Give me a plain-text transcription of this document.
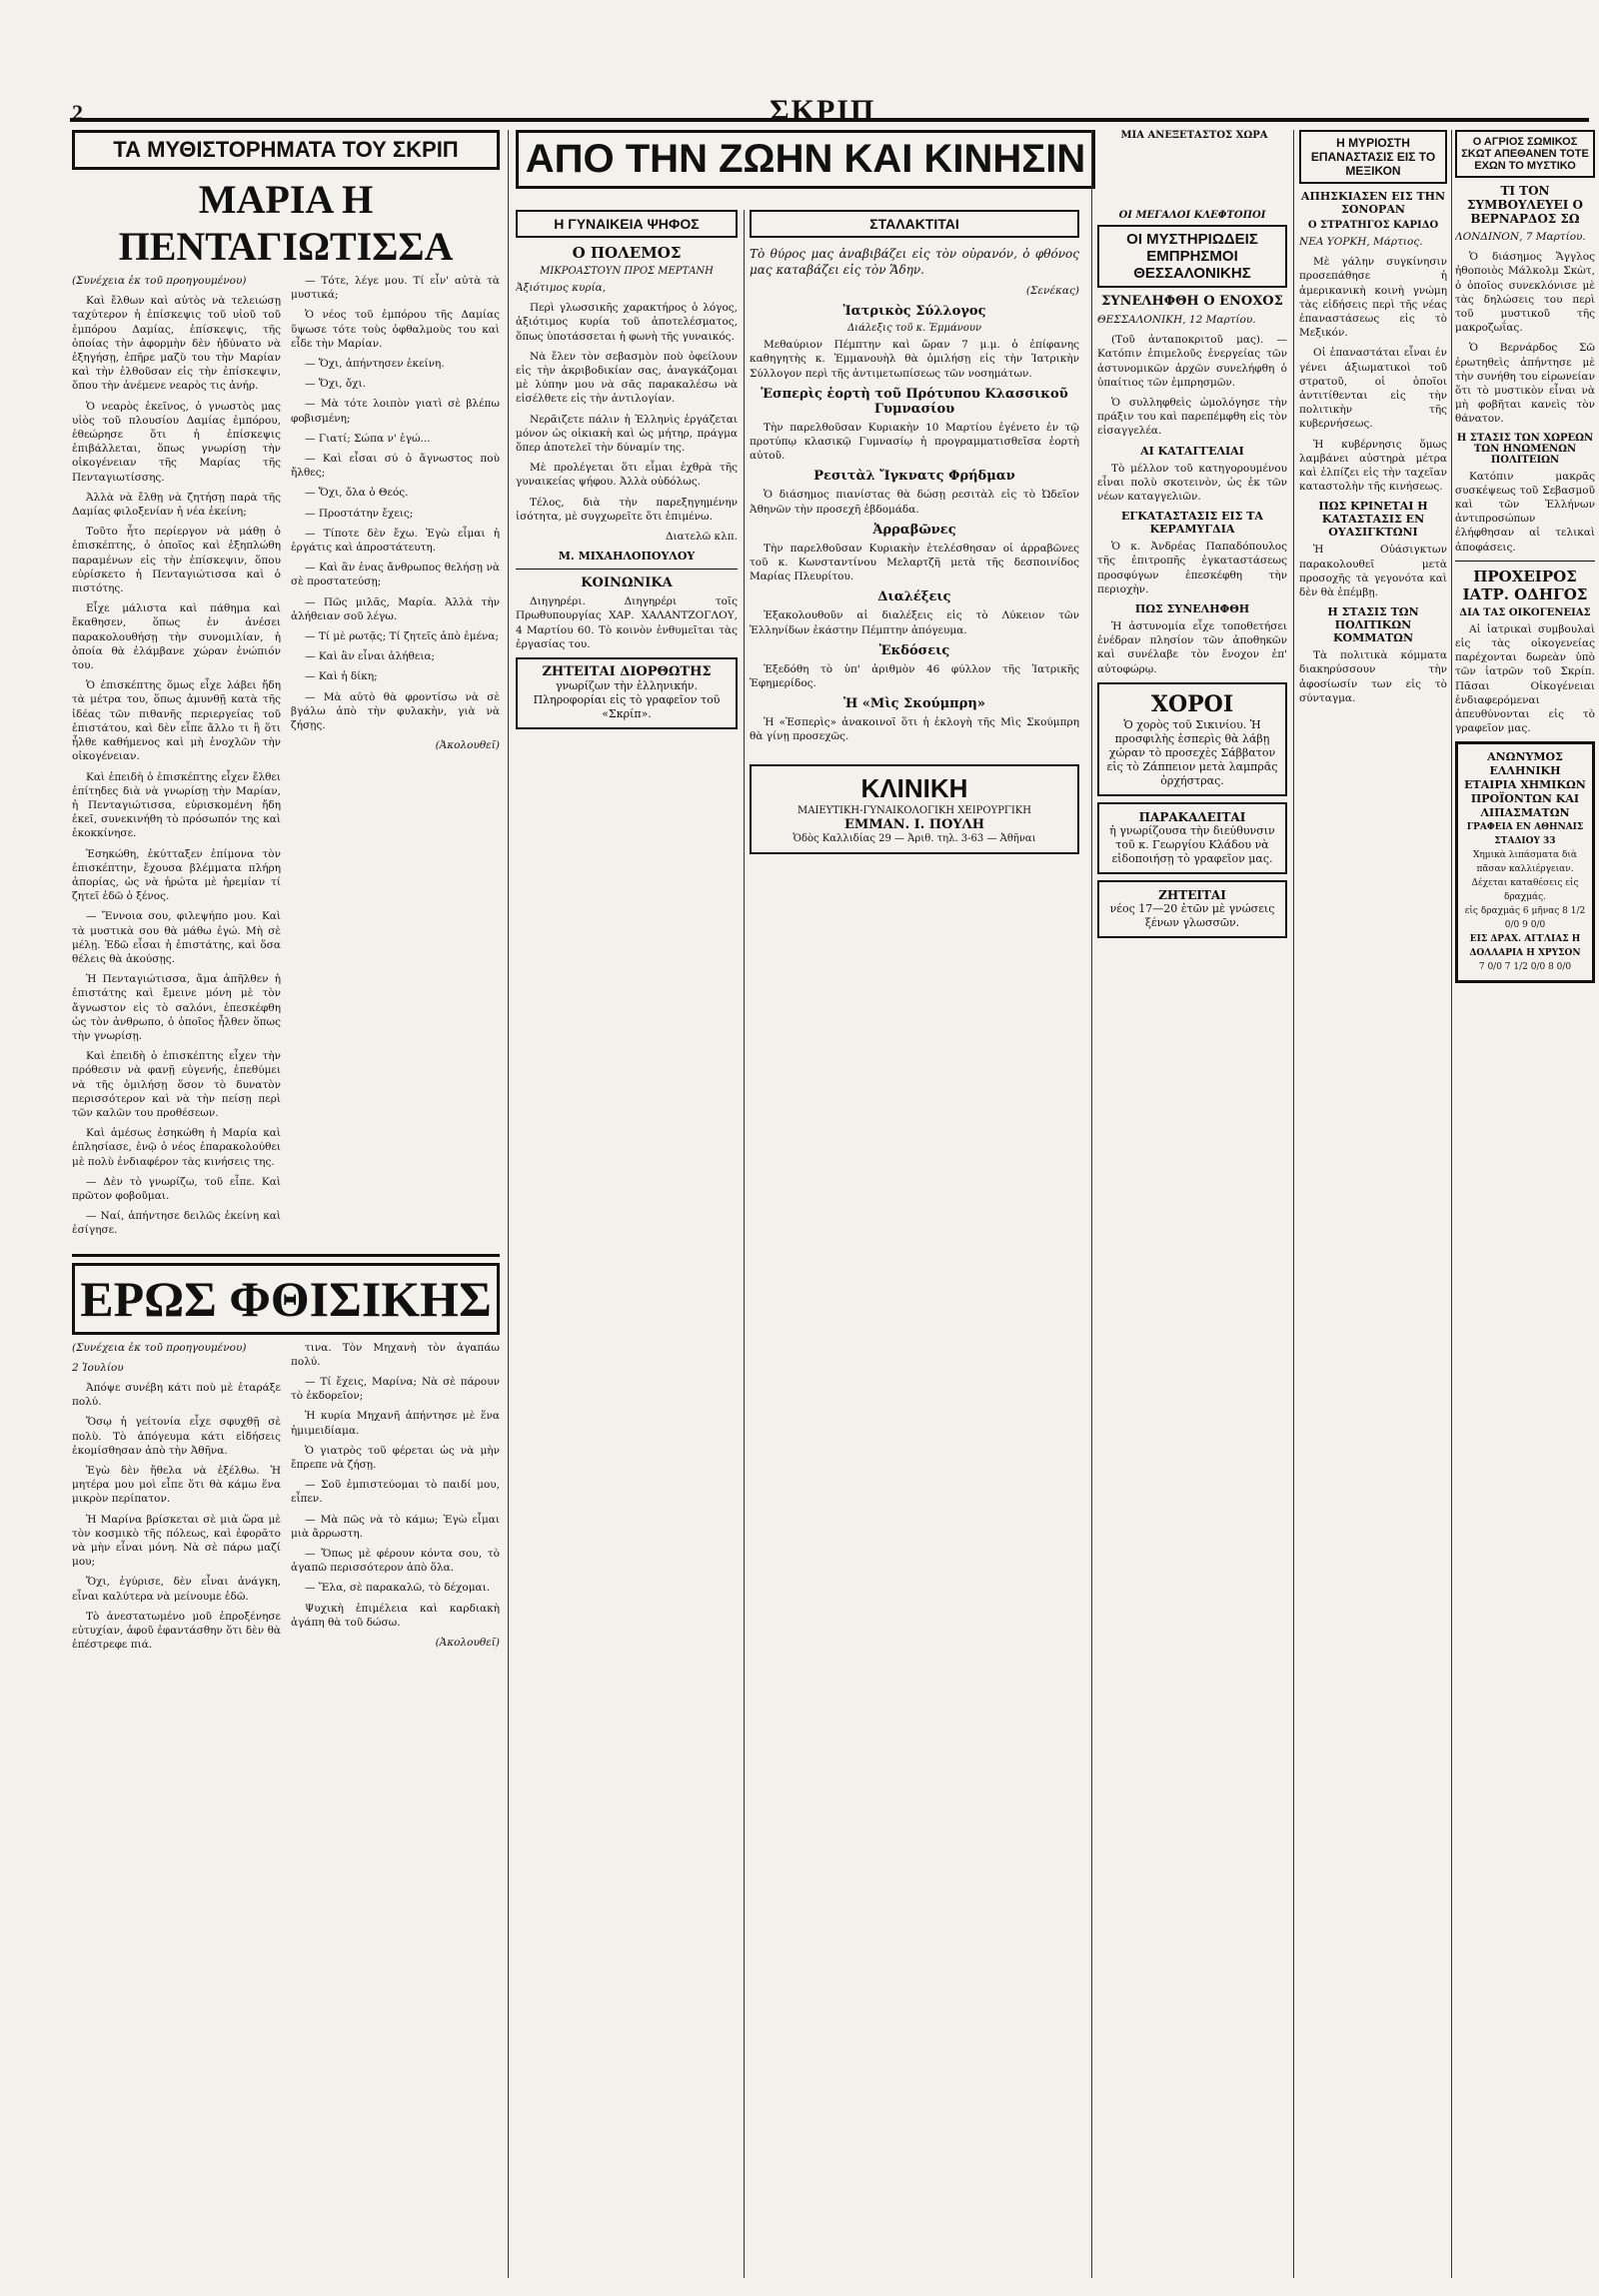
2	ΣΚΡΙΠ
ΤΑ ΜΥΘΙΣΤΟΡΗΜΑΤΑ ΤΟΥ ΣΚΡΙΠ
ΜΑΡΙΑ Η ΠΕΝΤΑΓΙΩΤΙΣΣΑ

(Συνέχεια ἐκ τοῦ προηγουμένου)

Καὶ ἔλθων καὶ αὐτὸς νὰ τελειώσῃ ταχύτερον ἡ ἐπίσκεψις τοῦ υἱοῦ τοῦ ἐμπόρου Δαμίας, ἐπίσκεψις, τῆς ὁποίας τὴν ἀφορμὴν δὲν ἠδύνατο νὰ ἐξηγήσῃ, ἐπῆρε μαζὺ του τὴν Μαρίαν καὶ τὴν ἐλθοῦσαν εἰς τὴν ἐπίσκεψιν, ὅπου τὴν ἀνέμενε νεαρὸς τις ἀνήρ.

Ὁ νεαρὸς ἐκεῖνος, ὁ γνωστὸς μας υἱὸς τοῦ πλουσίου Δαμίας ἐμπόρου, ἐθεώρησε ὅτι ἡ ἐπίσκεψις ἐπιβάλλεται, ὅπως γνωρίσῃ τὴν οἰκογένειαν τῆς Μαρίας τῆς Πενταγιωτίσσης.

Ἀλλὰ νὰ ἔλθῃ νὰ ζητήσῃ παρὰ τῆς Δαμίας φιλοξενίαν ἡ νέα ἐκείνη;

Τοῦτο ἦτο περίεργον νὰ μάθῃ ὁ ἐπισκέπτης, ὁ ὁποῖος καὶ ἐξηπλώθη παραμένων εἰς τὴν ἐπίσκεψιν, ὅπου εὑρίσκετο ἡ Πενταγιώτισσα καὶ ὁ πιστότης.

Εἶχε μάλιστα καὶ πάθημα καὶ ἔκαθησεν, ὅπως ἐν ἀνέσει παρακολουθήσῃ τὴν συνομιλίαν, ἡ ὁποία θὰ ἐλάμβανε χώραν ἐνώπιόν του.

Ὁ ἐπισκέπτης ὅμως εἶχε λάβει ἤδη τὰ μέτρα του, ὅπως ἀμυνθῇ κατὰ τῆς ἰδέας τῶν πιθανῆς περιεργείας τοῦ ἐπιστάτου, καὶ δὲν εἶπε ἄλλο τι ἢ ὅτι ἦλθε καθήμενος καὶ μὴ ἐνοχλῶν τὴν οἰκογένειαν.

Καὶ ἐπειδὴ ὁ ἐπισκέπτης εἶχεν ἔλθει ἐπίτηδες διὰ νὰ γνωρίσῃ τὴν Μαρίαν, ἡ Πενταγιώτισσα, εὑρισκομένη ἤδη ἐκεῖ, συνεκινήθη τὸ πρόσωπόν της καὶ ἐκοκκίνησε.

Ἐσηκώθη, ἐκύτταξεν ἐπίμονα τὸν ἐπισκέπτην, ἔχουσα βλέμματα πλήρη ἀπορίας, ὡς νὰ ἠρώτα μὲ ἡρεμίαν τί ζητεῖ ἐδῶ ὁ ξένος.

— Ἔννοια σου, φιλεψήπο μου. Καὶ τὰ μυστικὰ σου θὰ μάθω ἐγώ. Μὴ σὲ μέλῃ. Ἐδῶ εἶσαι ἡ ἐπιστάτης, καὶ ὅσα θέλεις θὰ ἀκούσῃς.

Ἡ Πενταγιώτισσα, ἄμα ἀπῆλθεν ἡ ἐπιστάτης καὶ ἔμεινε μόνη μὲ τὸν ἄγνωστον εἰς τὸ σαλόνι, ἐπεσκέφθη ὡς τὸν ἀνθρωπο, ὁ ὁποῖος ἦλθεν ὅπως τὴν γνωρίσῃ.

Καὶ ἐπειδὴ ὁ ἐπισκέπτης εἶχεν τὴν πρόθεσιν νὰ φανῇ εὐγενής, ἐπεθύμει νὰ τῆς ὁμιλήσῃ ὅσον τὸ δυνατὸν περισσότερον καὶ νὰ τὴν πείσῃ περὶ τῶν καλῶν του προθέσεων.

Καὶ ἀμέσως ἐσηκώθη ἡ Μαρία καὶ ἐπλησίασε, ἐνῷ ὁ νέος ἐπαρακολούθει μὲ πολὺ ἐνδιαφέρον τὰς κινήσεις της.

— Δὲν τὸ γνωρίζω, τοῦ εἶπε. Καὶ πρῶτον φοβοῦμαι.

— Ναί, ἀπήντησε δειλῶς ἐκείνη καὶ ἐσίγησε.

— Τότε, λέγε μου. Τί εἶν' αὐτὰ τὰ μυστικά;

Ὁ νέος τοῦ ἐμπόρου τῆς Δαμίας ὕψωσε τότε τοὺς ὀφθαλμοὺς του καὶ εἶδε τὴν Μαρίαν.

— Ὄχι, ἀπήντησεν ἐκείνη.

— Ὄχι, ὄχι.

— Μὰ τότε λοιπὸν γιατὶ σὲ βλέπω φοβισμένη;

— Γιατί; Σώπα ν' ἐγώ...

— Καὶ εἶσαι σύ ὁ ἄγνωστος ποὺ ἤλθες;

— Ὄχι, ὄλα ὁ Θεός.

— Προστάτην ἔχεις;

— Τίποτε δὲν ἔχω. Ἐγὼ εἶμαι ἡ ἐργάτις καὶ ἀπροστάτευτη.

— Καὶ ἂν ἐνας ἄνθρωπος θελήσῃ νὰ σὲ προστατεύσῃ;

— Πῶς μιλᾶς, Μαρία. Ἀλλὰ τὴν ἀλήθειαν σοῦ λέγω.

— Τί μὲ ρωτᾷς; Τί ζητεῖς ἀπὸ ἐμένα;

— Καὶ ἂν εἶναι ἀλήθεια;

— Καὶ ἡ δίκη;

— Μὰ αὐτὸ θὰ φροντίσω νὰ σὲ βγάλω ἀπὸ τὴν φυλακὴν, γιὰ νὰ ζήσῃς.

(Ἀκολουθεῖ)

ΕΡΩΣ ΦΘΙΣΙΚΗΣ

(Συνέχεια ἐκ τοῦ προηγουμένου)

2 Ἰουλίου

Ἀπόψε συνέβη κάτι ποὺ μὲ ἐταράξε πολύ.

Ὅσῳ ἡ γείτονία εἶχε σφυχθῇ σὲ πολὺ. Τὸ ἀπόγευμα κάτι εἰδήσεις ἐκομίσθησαν ἀπὸ τὴν Ἀθῆνα.

Ἐγὼ δὲν ἤθελα νὰ ἐξέλθω. Ἡ μητέρα μου μοὶ εἶπε ὅτι θὰ κάμω ἕνα μικρὸν περίπατον.

Ἡ Μαρίνα βρίσκεται σὲ μιὰ ὥρα μὲ τὸν κοσμικὸ τῆς πόλεως, καὶ ἐφορᾶτο νὰ μὴν εἶναι μόνη. Νὰ σὲ πάρω μαζί μου;

Ὅχι, ἐγύρισε, δὲν εἶναι ἀνάγκη, εἶναι καλύτερα νὰ μείνουμε ἐδῶ.

Τὸ ἀνεστατωμένο μοῦ ἐπροξένησε εὐτυχίαν, ἀφοῦ ἐφαντάσθην ὅτι δὲν θὰ ἐπέστρεφε πιά.

τινα. Τὸν Μηχανὴ τὸν ἀγαπάω πολύ.

— Τί ἔχεις, Μαρίνα; Νὰ σὲ πάρουν τὸ ἐκδορεῖον;

Ἡ κυρία Μηχανῆ ἀπήντησε μὲ ἕνα ἡμιμειδίαμα.

Ὁ γιατρὸς τοῦ φέρεται ὡς νὰ μὴν ἔπρεπε νὰ ζήσῃ.

— Σοῦ ἐμπιστεύομαι τὸ παιδί μου, εἶπεν.

— Μὰ πῶς νὰ τὸ κάμω; Ἐγὼ εἶμαι μιὰ ἄρρωστη.

— Ὅπως μὲ φέρουν κόντα σου, τὸ ἀγαπῶ περισσότερον ἀπὸ ὅλα.

— Ἔλα, σὲ παρακαλῶ, τὸ δέχομαι.

Ψυχικὴ ἐπιμέλεια καὶ καρδιακὴ ἀγάπη θὰ τοῦ δώσω.

(Ἀκολουθεῖ)

ΑΠΟ ΤΗΝ ΖΩΗΝ ΚΑΙ ΚΙΝΗΣΙΝ
Η ΓΥΝΑΙΚΕΙΑ ΨΗΦΟΣ
Ο ΠΟΛΕΜΟΣ
ΜΙΚΡΟΑΣΤΟΥΝ ΠΡΟΣ ΜΕΡΤΑΝΗ

Ἀξιότιμος κυρία,

Περὶ γλωσσικῆς χαρακτήρος ὁ λόγος, ἀξιότιμος κυρία τοῦ ἀποτελέσματος, ὅπως ὑποτάσσεται ἡ φωνὴ τῆς γυναικός.

Νὰ ἔλεν τὸν σεβασμὸν ποὺ ὀφείλουν εἰς τὴν ἀκριβοδικίαν σας, ἀναγκάζομαι μὲ λύπην μου νὰ σᾶς παρακαλέσω νὰ εἰσέλθετε εἰς τὴν ἀντιλογίαν.

Νερᾶιζετε πάλιν ἡ Ἑλληνὶς ἐργάζεται μόνον ὡς οἰκιακὴ καὶ ὡς μήτηρ, πράγμα ὅπερ ἀποτελεῖ τὴν δύναμίν της.

Μὲ προλέγεται ὅτι εἶμαι ἐχθρὰ τῆς γυναικείας ψήφου. Ἀλλὰ οὐδόλως.

Τέλος, διὰ τὴν παρεξηγημένην ἰσότητα, μὲ συγχωρεῖτε ὅτι ἐπιμένω.

Διατελῶ κλπ.

Μ. ΜΙΧΑΗΛΟΠΟΥΛΟΥ
ΚΟΙΝΩΝΙΚΑ

Διηγηρέρι. Διηγηρέρι τοῖς Πρωθυπουργίας ΧΑΡ. ΧΑΛΑΝΤΖΟΓΛΟΥ, 4 Μαρτίου 60. Τὸ κοινὸν ἐνθυμεῖται τὰς ἐργασίας του.

ΖΗΤΕΙΤΑΙ ΔΙΟΡΘΩΤΗΣ
γνωρίζων τὴν ἑλληνικήν. Πληροφορίαι εἰς τὸ γραφεῖον τοῦ «Σκρίπ».
ΣΤΑΛΑΚΤΙΤΑΙ

Τὸ θύρος μας ἀναβιβάζει εἰς τὸν οὐρανόν, ὁ φθόνος μας καταβάζει εἰς τὸν Ἅδην.

(Σενέκας)

Ἰατρικὸς Σύλλογος
Διάλεξις τοῦ κ. Ἐμμάνουν

Μεθαύριον Πέμπτην καὶ ὥραν 7 μ.μ. ὁ ἐπίφανης καθηγητὴς κ. Ἐμμανουὴλ θὰ ὁμιλήσῃ εἰς τὴν Ἰατρικὴν Σύλλογον περὶ τῆς ἀντιμετωπίσεως τῶν νοσημάτων.

Ἑσπερὶς ἑορτὴ τοῦ Πρότυπου Κλασσικοῦ Γυμνασίου

Τὴν παρελθοῦσαν Κυριακὴν 10 Μαρτίου ἐγένετο ἐν τῷ προτύπῳ κλασικῷ Γυμνασίῳ ἡ προγραμματισθεῖσα ἑορτὴ αὐτοῦ.

Ρεσιτὰλ Ἴγκνατς Φρήδμαν

Ὁ διάσημος πιανίστας θὰ δώσῃ ρεσιτὰλ εἰς τὸ Ὠδεῖον Ἀθηνῶν τὴν προσεχῆ ἑβδομάδα.

Ἀρραβῶνες

Τὴν παρελθοῦσαν Κυριακὴν ἐτελέσθησαν οἱ ἀρραβῶνες τοῦ κ. Κωνσταντίνου Μελαρτζῆ μετὰ τῆς δεσποινίδος Μαρίας Πλευρίτου.

Διαλέξεις

Ἐξακολουθοῦν αἱ διαλέξεις εἰς τὸ Λύκειον τῶν Ἑλληνίδων ἑκάστην Πέμπτην ἀπόγευμα.

Ἐκδόσεις

Ἐξεδόθη τὸ ὑπ' ἀριθμὸν 46 φύλλον τῆς Ἰατρικῆς Ἑφημερίδος.

Ἡ «Μὶς Σκούμπρη»

Ἡ «Ἑσπερὶς» ἀνακοινοῖ ὅτι ἡ ἐκλογὴ τῆς Μὶς Σκούμπρη θὰ γίνῃ προσεχῶς.

ΚΛΙΝΙΚΗ
ΜΑΙΕΥΤΙΚΗ-ΓΥΝΑΙΚΟΛΟΓΙΚΗ ΧΕΙΡΟΥΡΓΙΚΗ
ΕΜΜΑΝ. Ι. ΠΟΥΛΗ
Ὁδὸς Καλλιδίας 29 — Ἀριθ. τηλ. 3-63 — Ἀθῆναι
ΟΙ ΜΕΓΑΛΟΙ ΚΛΕΦΤΟΠΟΙ
ΟΙ ΜΥΣΤΗΡΙΩΔΕΙΣ ΕΜΠΡΗΣΜΟΙ ΘΕΣΣΑΛΟΝΙΚΗΣ
ΣΥΝΕΛΗΦΘΗ Ο ΕΝΟΧΟΣ

ΘΕΣΣΑΛΟΝΙΚΗ, 12 Μαρτίου.

(Τοῦ ἀνταποκριτοῦ μας). — Κατόπιν ἐπιμελοῦς ἐνεργείας τῶν ἀστυνομικῶν ἀρχῶν συνελήφθη ὁ ὑπαίτιος τῶν ἐμπρησμῶν.

Ὁ συλληφθεὶς ὡμολόγησε τὴν πράξιν του καὶ παρεπέμφθη εἰς τὸν εἰσαγγελέα.

ΑΙ ΚΑΤΑΓΓΕΛΙΑΙ

Τὸ μέλλον τοῦ κατηγορουμένου εἶναι πολὺ σκοτεινὸν, ὡς ἐκ τῶν νέων καταγγελιῶν.

ΕΓΚΑΤΑΣΤΑΣΙΣ ΕΙΣ ΤΑ ΚΕΡΑΜΥΓΔΙΑ

Ὁ κ. Ἀνδρέας Παπαδόπουλος τῆς ἐπιτροπῆς ἐγκαταστάσεως προσφύγων ἐπεσκέφθη τὴν περιοχὴν.

ΠΩΣ ΣΥΝΕΛΗΦΘΗ

Ἡ ἀστυνομία εἶχε τοποθετήσει ἐνέδραν πλησίον τῶν ἀποθηκῶν καὶ συνέλαβε τὸν ἔνοχον ἐπ' αὐτοφώρῳ.

ΧΟΡΟΙ
Ὁ χορὸς τοῦ Σικινίου. Ἡ προσφιλὴς ἑσπερὶς θὰ λάβῃ χώραν τὸ προσεχὲς Σάββατον εἰς τὸ Ζάππειον μετὰ λαμπρᾶς ὀρχήστρας.
ΠΑΡΑΚΑΛΕΙΤΑΙ
ἡ γνωρίζουσα τὴν διεύθυνσιν τοῦ κ. Γεωργίου Κλάδου νὰ εἰδοποιήσῃ τὸ γραφεῖον μας.
ΖΗΤΕΙΤΑΙ
νέος 17—20 ἐτῶν μὲ γνώσεις ξένων γλωσσῶν.
ΜΙΑ ΑΝΕΞΕΤΑΣΤΟΣ ΧΩΡΑ
Η ΜΥΡΙΟΣΤΗ ΕΠΑΝΑΣΤΑΣΙΣ ΕΙΣ ΤΟ ΜΕΞΙΚΟΝ
ΑΠΗΣΚΙΑΣΕΝ ΕΙΣ ΤΗΝ ΣΟΝΟΡΑΝ
Ο ΣΤΡΑΤΗΓΟΣ ΚΑΡΙΔΟ

ΝΕΑ ΥΟΡΚΗ, Μάρτιος.

Μὲ γάλην συγκίνησιν προσεπάθησε ἡ ἀμερικανικὴ κοινὴ γνώμη τὰς εἰδήσεις περὶ τῆς νέας ἐπαναστάσεως εἰς τὸ Μεξικόν.

Οἱ ἐπαναστάται εἶναι ἐν γένει ἀξιωματικοὶ τοῦ στρατοῦ, οἱ ὁποῖοι ἀντιτίθενται εἰς τὴν πολιτικὴν τῆς κυβερνήσεως.

Ἡ κυβέρνησις ὅμως λαμβάνει αὐστηρὰ μέτρα καὶ ἐλπίζει εἰς τὴν ταχεῖαν καταστολὴν τῆς κινήσεως.

ΠΩΣ ΚΡΙΝΕΤΑΙ Η ΚΑΤΑΣΤΑΣΙΣ ΕΝ ΟΥΑΣΙΓΚΤΩΝΙ

Ἡ Οὐάσιγκτων παρακολουθεῖ μετὰ προσοχῆς τὰ γεγονότα καὶ δὲν θὰ ἐπέμβῃ.

Η ΣΤΑΣΙΣ ΤΩΝ ΠΟΛΙΤΙΚΩΝ ΚΟΜΜΑΤΩΝ

Τὰ πολιτικὰ κόμματα διακηρύσσουν τὴν ἀφοσίωσίν των εἰς τὸ σύνταγμα.

Ο ΑΓΡΙΟΣ ΣΩΜΙΚΟΣ ΣΚΩΤ ΑΠΕΘΑΝΕΝ ΤΟΤΕ ΕΧΩΝ ΤΟ ΜΥΣΤΙΚΟ
ΤΙ ΤΟΝ ΣΥΜΒΟΥΛΕΥΕΙ Ο ΒΕΡΝΑΡΔΟΣ ΣΩ

ΛΟΝΔΙΝΟΝ, 7 Μαρτίου.

Ὁ διάσημος Ἄγγλος ἠθοποιὸς Μάλκολμ Σκὼτ, ὁ ὁποῖος συνεκλόνισε μὲ τὰς δηλώσεις του περὶ τοῦ μυστικοῦ τῆς μακροζωΐας.

Ὁ Βερνάρδος Σῶ ἐρωτηθεὶς ἀπήντησε μὲ τὴν συνήθη του εἰρωνείαν ὅτι τὸ μυστικὸν εἶναι νὰ μὴ φοβῆται κανεὶς τὸν θάνατον.

Η ΣΤΑΣΙΣ ΤΩΝ ΧΩΡΕΩΝ ΤΩΝ ΗΝΩΜΕΝΩΝ ΠΟΛΙΤΕΙΩΝ

Κατόπιν μακρᾶς συσκέψεως τοῦ Σεβασμοῦ καὶ τῶν Ἐλλήνων ἀντιπροσώπων ἐλήφθησαν αἱ τελικαὶ ἀποφάσεις.

ΠΡΟΧΕΙΡΟΣ ΙΑΤΡ. ΟΔΗΓΟΣ
ΔΙΑ ΤΑΣ ΟΙΚΟΓΕΝΕΙΑΣ

Αἱ ἰατρικαὶ συμβουλαὶ εἰς τὰς οἰκογενείας παρέχονται δωρεὰν ὑπὸ τῶν ἰατρῶν τοῦ Σκρίπ. Πᾶσαι Οἰκογένειαι ἐνδιαφερόμεναι ἀπευθύνονται εἰς τὸ γραφεῖον μας.

ΑΝΩΝΥΜΟΣ ΕΛΛΗΝΙΚΗ ΕΤΑΙΡΙΑ ΧΗΜΙΚΩΝ ΠΡΟΪΟΝΤΩΝ ΚΑΙ ΛΙΠΑΣΜΑΤΩΝ
ΓΡΑΦΕΙΑ ΕΝ ΑΘΗΝΑΙΣ ΣΤΑΔΙΟΥ 33
Χημικὰ λιπάσματα διὰ πᾶσαν καλλιέργειαν. Δέχεται καταθέσεις εἰς δραχμάς.
εἰς δραχμάς 6 μῆνας 8 1/2 0/0 9 0/0
ΕΙΣ ΔΡΑΧ. ΑΓΓΛΙΑΣ Η ΔΟΛΛΑΡΙΑ Η ΧΡΥΣΟΝ
7 0/0 7 1/2 0/0 8 0/0
